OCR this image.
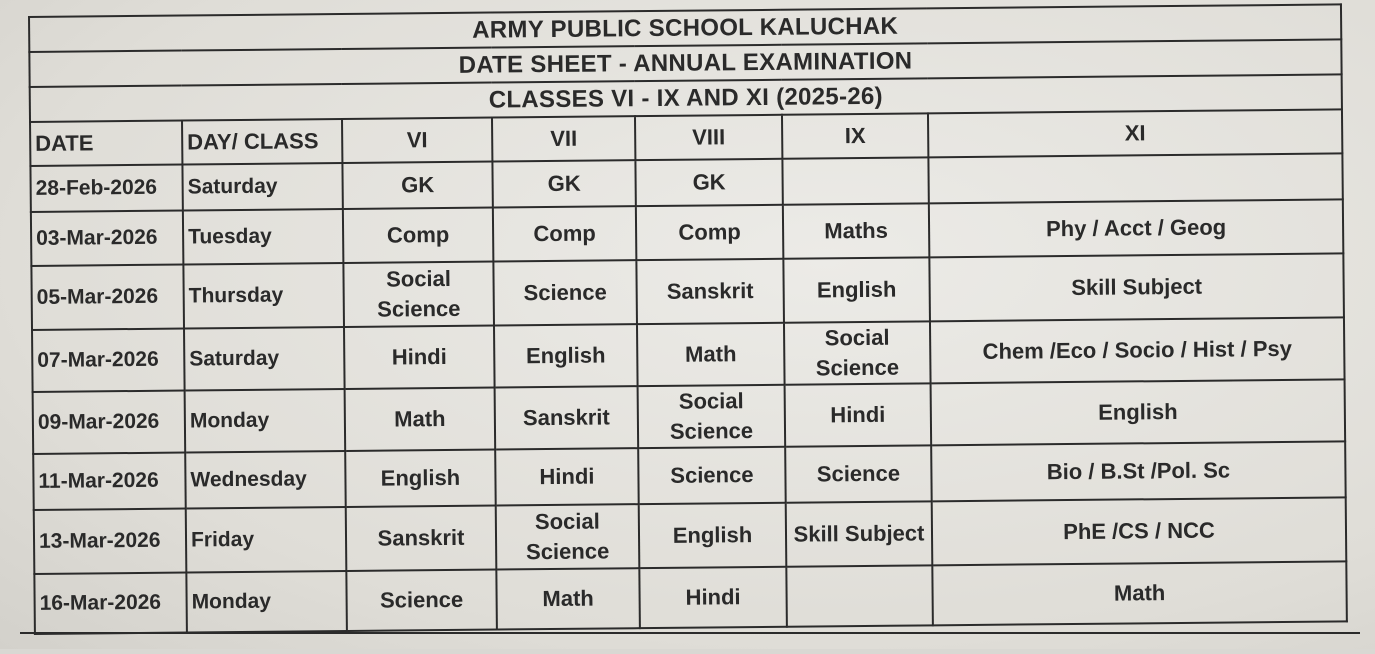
ARMY PUBLIC SCHOOL KALUCHAK						
DATE SHEET - ANNUAL EXAMINATION						
CLASSES VI - IX AND XI (2025-26)						
DATE	DAY/ CLASS	VI	VII	VIII	IX	XI
28-Feb-2026	Saturday	GK	GK	GK		
03-Mar-2026	Tuesday	Comp	Comp	Comp	Maths	Phy / Acct / Geog
05-Mar-2026	Thursday	Social Science	Science	Sanskrit	English	Skill Subject
07-Mar-2026	Saturday	Hindi	English	Math	Social Science	Chem /Eco / Socio / Hist / Psy
09-Mar-2026	Monday	Math	Sanskrit	Social Science	Hindi	English
11-Mar-2026	Wednesday	English	Hindi	Science	Science	Bio / B.St /Pol. Sc
13-Mar-2026	Friday	Sanskrit	Social Science	English	Skill Subject	PhE /CS / NCC
16-Mar-2026	Monday	Science	Math	Hindi		Math
